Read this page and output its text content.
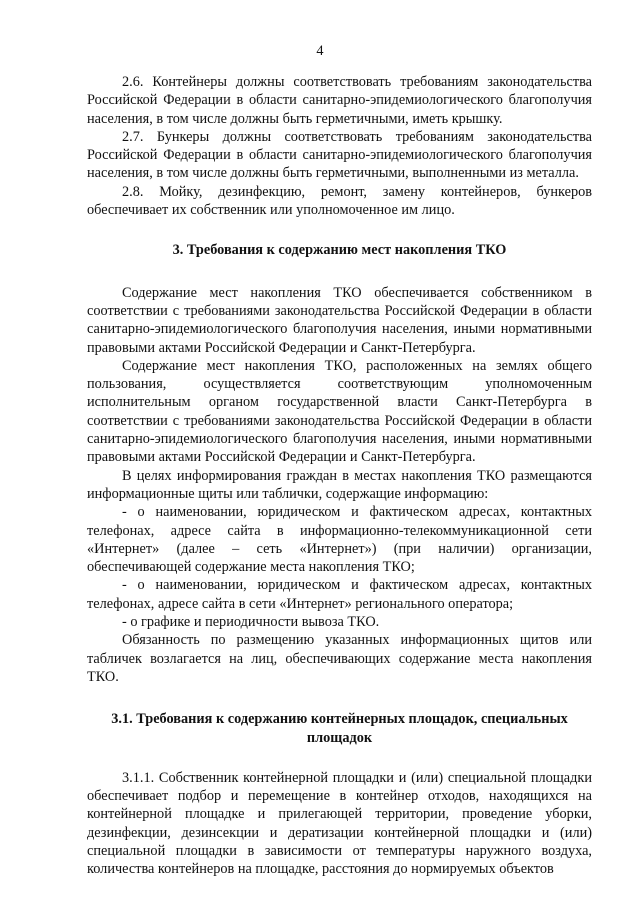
4

2.6. Контейнеры должны соответствовать требованиям законодательства Российской Федерации в области санитарно-эпидемиологического благополучия населения, в том числе должны быть герметичными, иметь крышку.

2.7. Бункеры должны соответствовать требованиям законодательства Российской Федерации в области санитарно-эпидемиологического благополучия населения, в том числе должны быть герметичными, выполненными из металла.

2.8. Мойку, дезинфекцию, ремонт, замену контейнеров, бункеров обеспечивает их собственник или уполномоченное им лицо.

3. Требования к содержанию мест накопления ТКО

Содержание мест накопления ТКО обеспечивается собственником в соответствии с требованиями законодательства Российской Федерации в области санитарно-эпидемиологического благополучия населения, иными нормативными правовыми актами Российской Федерации и Санкт-Петербурга.

Содержание мест накопления ТКО, расположенных на землях общего пользования, осуществляется соответствующим уполномоченным исполнительным органом государственной власти Санкт-Петербурга в соответствии с требованиями законодательства Российской Федерации в области санитарно-эпидемиологического благополучия населения, иными нормативными правовыми актами Российской Федерации и Санкт-Петербурга.

В целях информирования граждан в местах накопления ТКО размещаются информационные щиты или таблички, содержащие информацию:

- о наименовании, юридическом и фактическом адресах, контактных телефонах, адресе сайта в информационно-телекоммуникационной сети «Интернет» (далее – сеть «Интернет») (при наличии) организации, обеспечивающей содержание места накопления ТКО;

- о наименовании, юридическом и фактическом адресах, контактных телефонах, адресе сайта в сети «Интернет» регионального оператора;

- о графике и периодичности вывоза ТКО.

Обязанность по размещению указанных информационных щитов или табличек возлагается на лиц, обеспечивающих содержание места накопления ТКО.

3.1. Требования к содержанию контейнерных площадок, специальных
площадок

3.1.1. Собственник контейнерной площадки и (или) специальной площадки обеспечивает подбор и перемещение в контейнер отходов, находящихся на контейнерной площадке и прилегающей территории, проведение уборки, дезинфекции, дезинсекции и дератизации контейнерной площадки и (или) специальной площадки в зависимости от температуры наружного воздуха, количества контейнеров на площадке, расстояния до нормируемых объектов
